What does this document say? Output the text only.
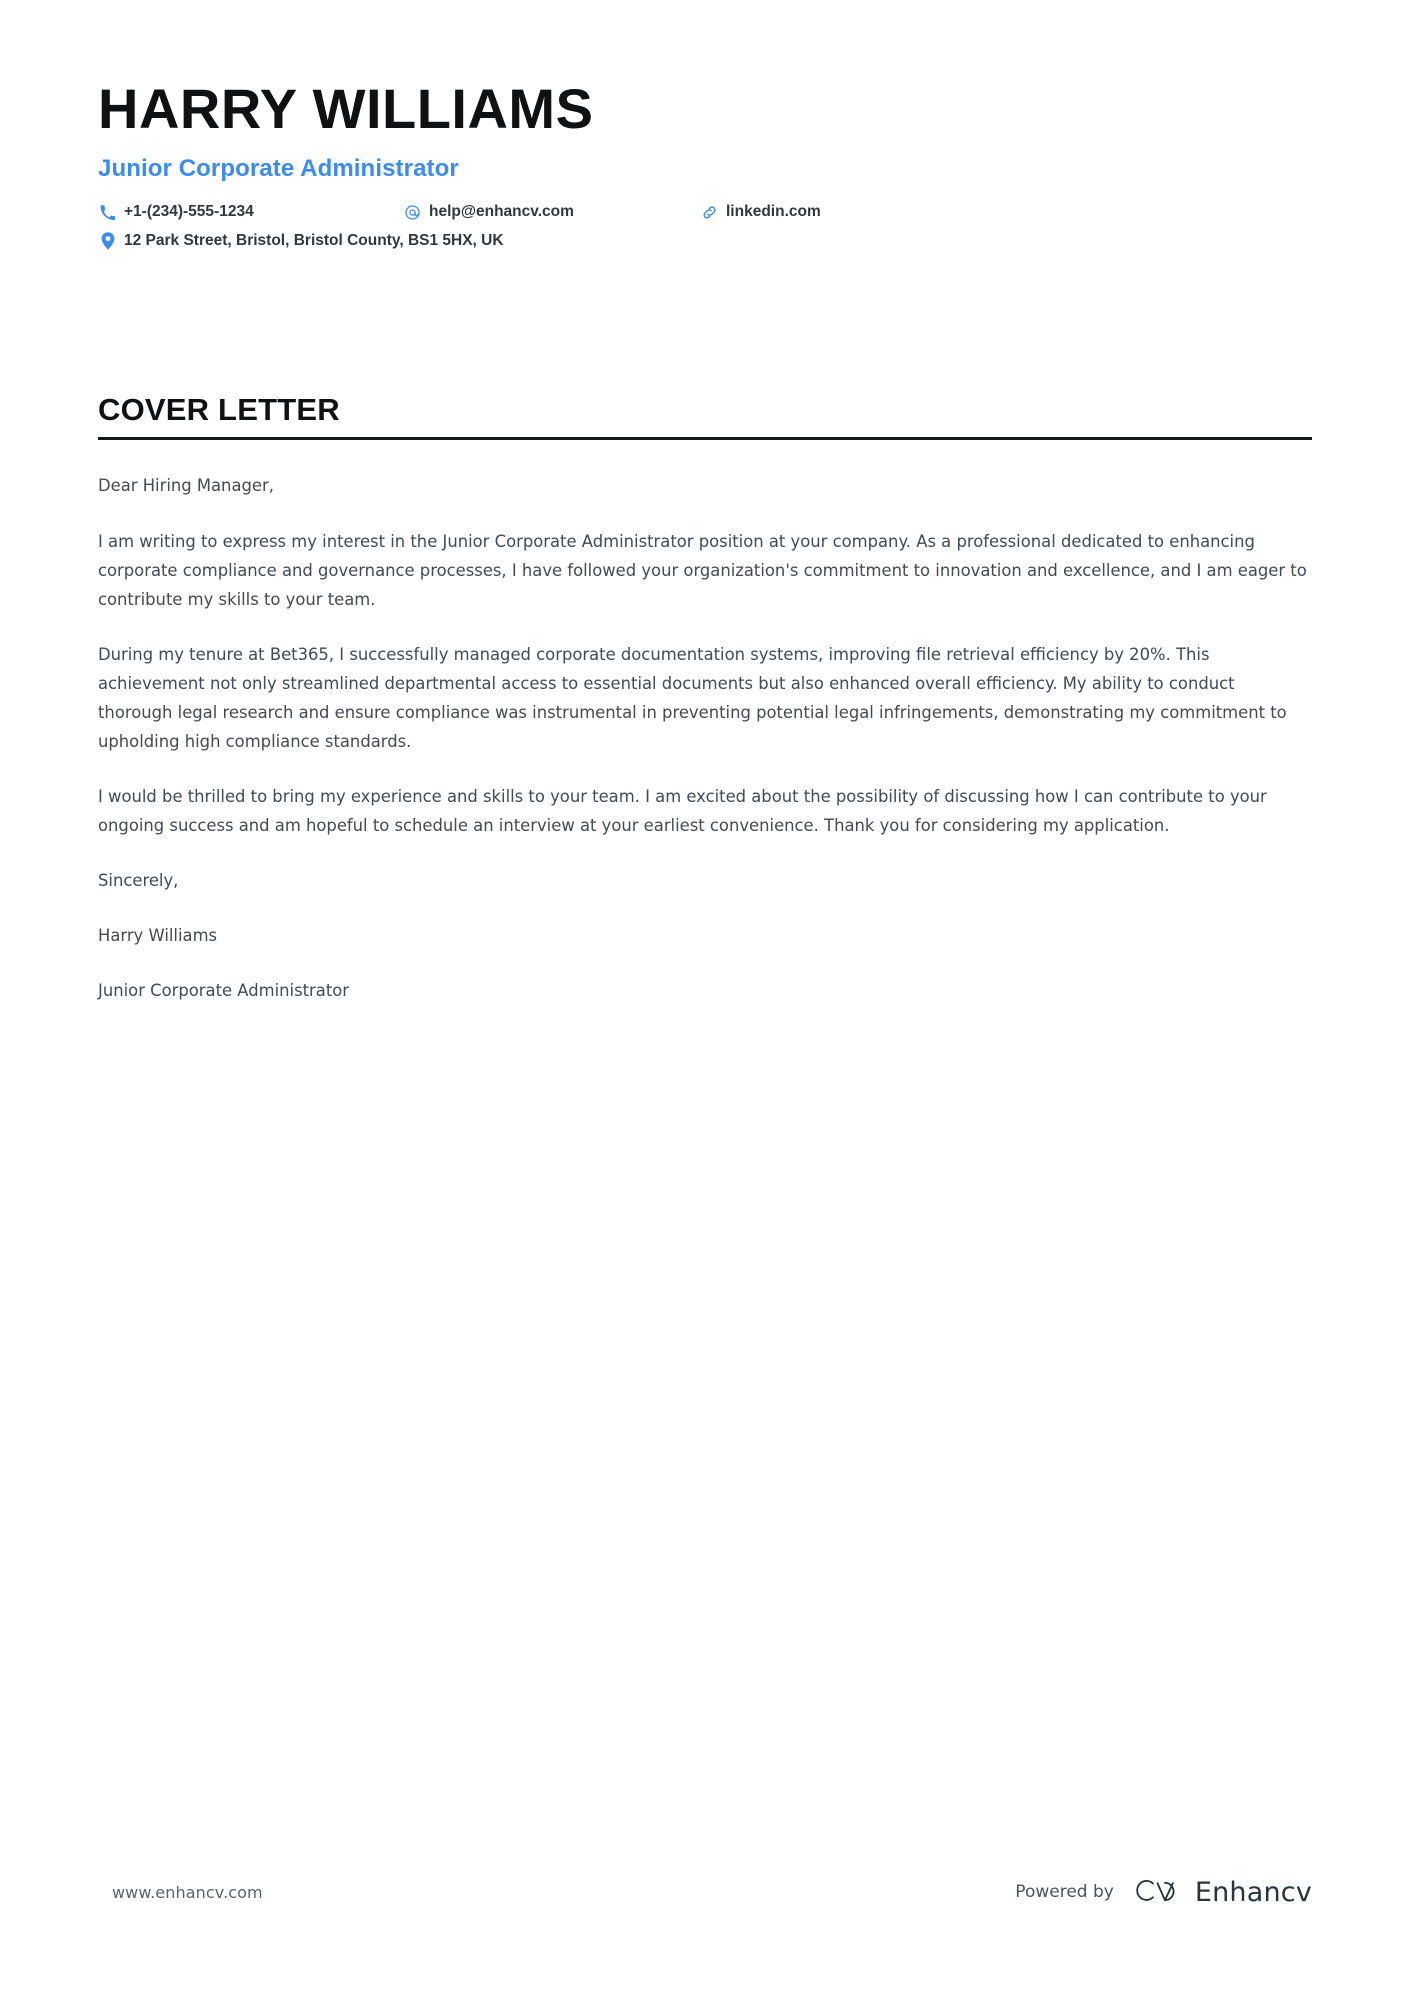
HARRY WILLIAMS
Junior Corporate Administrator
+1-(234)-555-1234	help@enhancv.com	linkedin.com
12 Park Street, Bristol, Bristol County, BS1 5HX, UK
COVER LETTER

Dear Hiring Manager,

I am writing to express my interest in the Junior Corporate Administrator position at your company. As a professional dedicated to enhancing corporate compliance and governance processes, I have followed your organization's commitment to innovation and excellence, and I am eager to contribute my skills to your team.

During my tenure at Bet365, I successfully managed corporate documentation systems, improving file retrieval efficiency by 20%. This achievement not only streamlined departmental access to essential documents but also enhanced overall efficiency. My ability to conduct thorough legal research and ensure compliance was instrumental in preventing potential legal infringements, demonstrating my commitment to upholding high compliance standards.

I would be thrilled to bring my experience and skills to your team. I am excited about the possibility of discussing how I can contribute to your ongoing success and am hopeful to schedule an interview at your earliest convenience. Thank you for considering my application.

Sincerely,

Harry Williams

Junior Corporate Administrator

www.enhancv.com	Powered by	Enhancv
